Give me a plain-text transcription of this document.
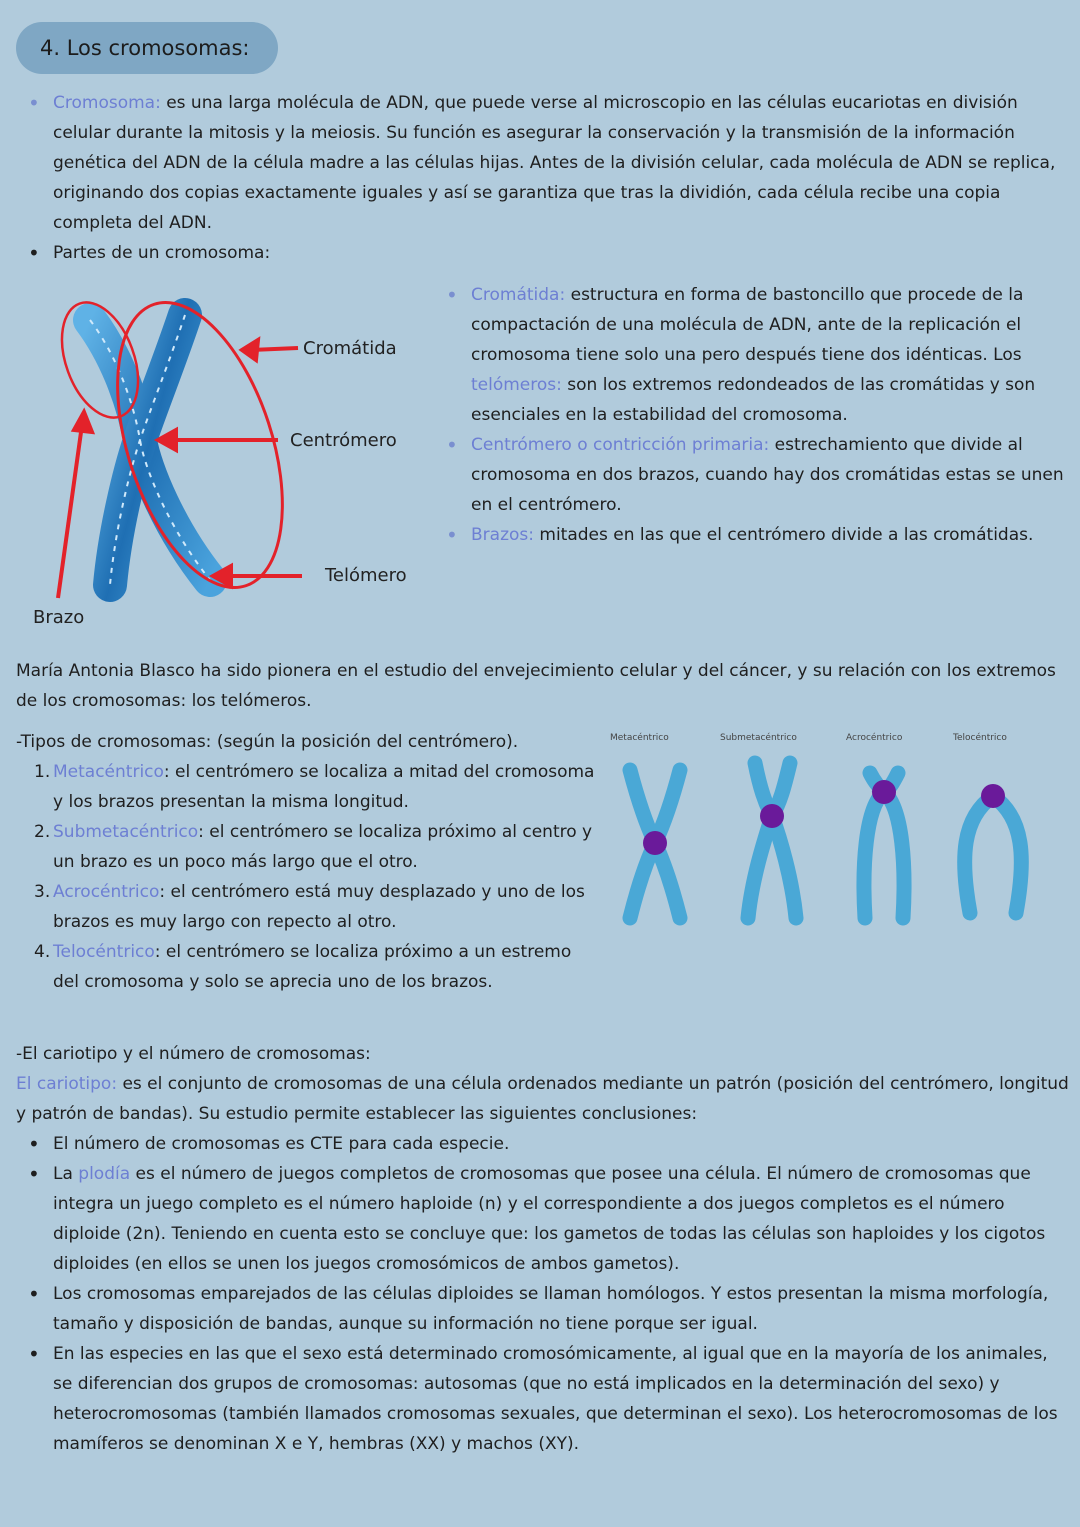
4. Los cromosomas:
• Cromosoma: es una larga molécula de ADN, que puede verse al microscopio en las células eucariotas en división celular durante la mitosis y la meiosis. Su función es asegurar la conservación y la transmisión de la información genética del ADN de la célula madre a las células hijas. Antes de la división celular, cada molécula de ADN se replica, originando dos copias exactamente iguales y así se garantiza que tras la dividión, cada célula recibe una copia completa del ADN.
• Partes de un cromosoma:
Cromátida
Centrómero
Telómero
Brazo
• Cromátida: estructura en forma de bastoncillo que procede de la compactación de una molécula de ADN, ante de la replicación el cromosoma tiene solo una pero después tiene dos idénticas. Los telómeros: son los extremos redondeados de las cromátidas y son esenciales en la estabilidad del cromosoma.
• Centrómero o contricción primaria: estrechamiento que divide al cromosoma en dos brazos, cuando hay dos cromátidas estas se unen en el centrómero.
• Brazos: mitades en las que el centrómero divide a las cromátidas.
María Antonia Blasco ha sido pionera en el estudio del envejecimiento celular y del cáncer, y su relación con los extremos de los cromosomas: los telómeros.
-Tipos de cromosomas: (según la posición del centrómero).
1. Metacéntrico: el centrómero se localiza a mitad del cromosoma y los brazos presentan la misma longitud.
2. Submetacéntrico: el centrómero se localiza próximo al centro y un brazo es un poco más largo que el otro.
3. Acrocéntrico: el centrómero está muy desplazado y uno de los brazos es muy largo con repecto al otro.
4. Telocéntrico: el centrómero se localiza próximo a un estremo del cromosoma y solo se aprecia uno de los brazos.
Metacéntrico	Submetacéntrico	Acrocéntrico	Telocéntrico
-El cariotipo y el número de cromosomas:
El cariotipo: es el conjunto de cromosomas de una célula ordenados mediante un patrón (posición del centrómero, longitud y patrón de bandas). Su estudio permite establecer las siguientes conclusiones:
• El número de cromosomas es CTE para cada especie.
• La plodía es el número de juegos completos de cromosomas que posee una célula. El número de cromosomas que integra un juego completo es el número haploide (n) y el correspondiente a dos juegos completos es el número diploide (2n). Teniendo en cuenta esto se concluye que: los gametos de todas las células son haploides y los cigotos diploides (en ellos se unen los juegos cromosómicos de ambos gametos).
• Los cromosomas emparejados de las células diploides se llaman homólogos. Y estos presentan la misma morfología, tamaño y disposición de bandas, aunque su información no tiene porque ser igual.
• En las especies en las que el sexo está determinado cromosómicamente, al igual que en la mayoría de los animales, se diferencian dos grupos de cromosomas: autosomas (que no está implicados en la determinación del sexo) y heterocromosomas (también llamados cromosomas sexuales, que determinan el sexo). Los heterocromosomas de los mamíferos se denominan X e Y, hembras (XX) y machos (XY).
